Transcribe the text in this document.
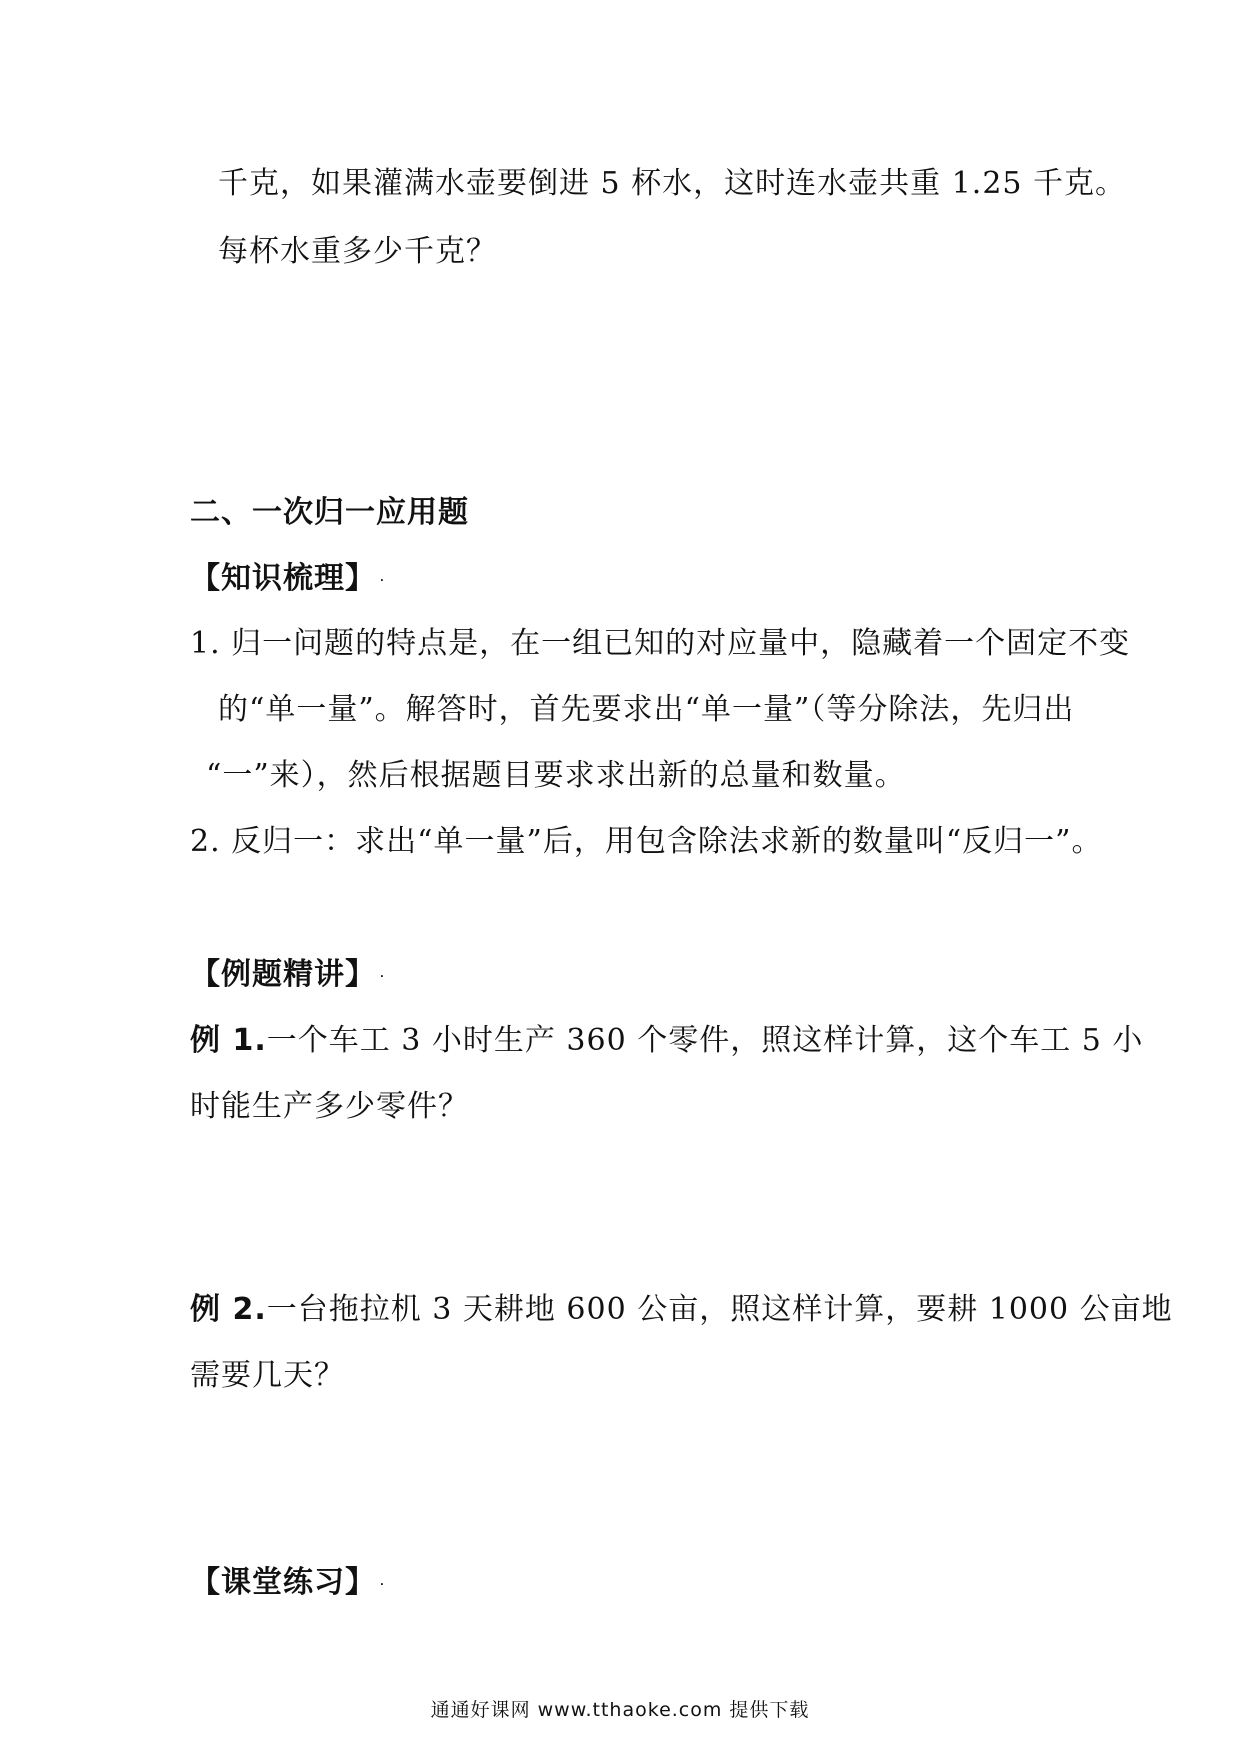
千克，如果灌满水壶要倒进 5 杯水，这时连水壶共重 1.25 千克。
每杯水重多少千克？
二、一次归一应用题
【知识梳理】 .
1. 归一问题的特点是，在一组已知的对应量中，隐藏着一个固定不变
的“单一量”。解答时，首先要求出“单一量”（等分除法，先归出
“一”来），然后根据题目要求求出新的总量和数量。
2. 反归一：求出“单一量”后，用包含除法求新的数量叫“反归一”。
【例题精讲】 .
例 1.一个车工 3 小时生产 360 个零件，照这样计算，这个车工 5 小
时能生产多少零件？
例 2.一台拖拉机 3 天耕地 600 公亩，照这样计算，要耕 1000 公亩地
需要几天？
【课堂练习】 .
通通好课网 www.tthaoke.com 提供下载
